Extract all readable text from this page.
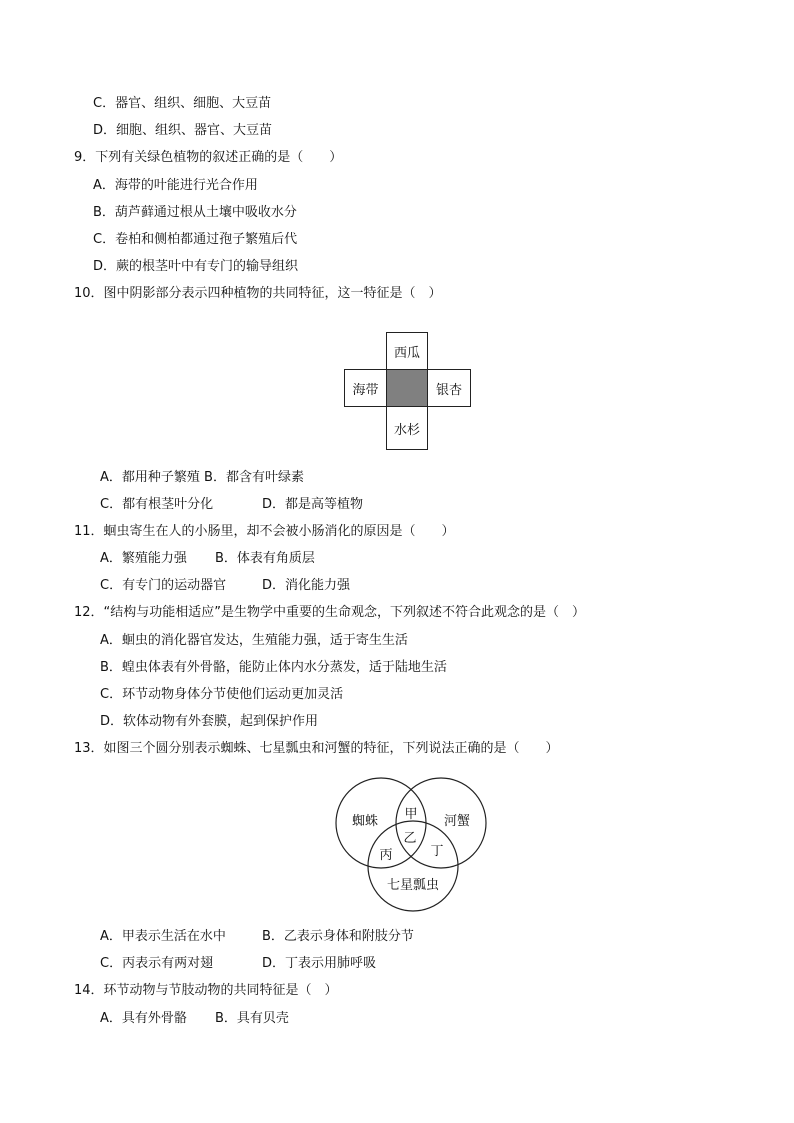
C．器官、组织、细胞、大豆苗
D．细胞、组织、器官、大豆苗
9．下列有关绿色植物的叙述正确的是（　　）
A．海带的叶能进行光合作用
B．葫芦藓通过根从土壤中吸收水分
C．卷柏和侧柏都通过孢子繁殖后代
D．蕨的根茎叶中有专门的输导组织
10．图中阴影部分表示四种植物的共同特征，这一特征是（　）
西瓜
海带	银杏
水杉
A．都用种子繁殖 B．都含有叶绿素
C．都有根茎叶分化	D．都是高等植物
11．蛔虫寄生在人的小肠里，却不会被小肠消化的原因是（　　）
A．繁殖能力强 B．体表有角质层
C．有专门的运动器官	D．消化能力强
12．“结构与功能相适应”是生物学中重要的生命观念，下列叙述不符合此观念的是（　）
A．蛔虫的消化器官发达，生殖能力强，适于寄生生活
B．蝗虫体表有外骨骼，能防止体内水分蒸发，适于陆地生活
C．环节动物身体分节使他们运动更加灵活
D．软体动物有外套膜，起到保护作用
13．如图三个圆分别表示蜘蛛、七星瓢虫和河蟹的特征，下列说法正确的是（　　）
蜘蛛	河蟹
七星瓢虫
甲
乙
丙	丁
A．甲表示生活在水中	B．乙表示身体和附肢分节
C．丙表示有两对翅	D．丁表示用肺呼吸
14．环节动物与节肢动物的共同特征是（　）
A．具有外骨骼 B．具有贝壳
